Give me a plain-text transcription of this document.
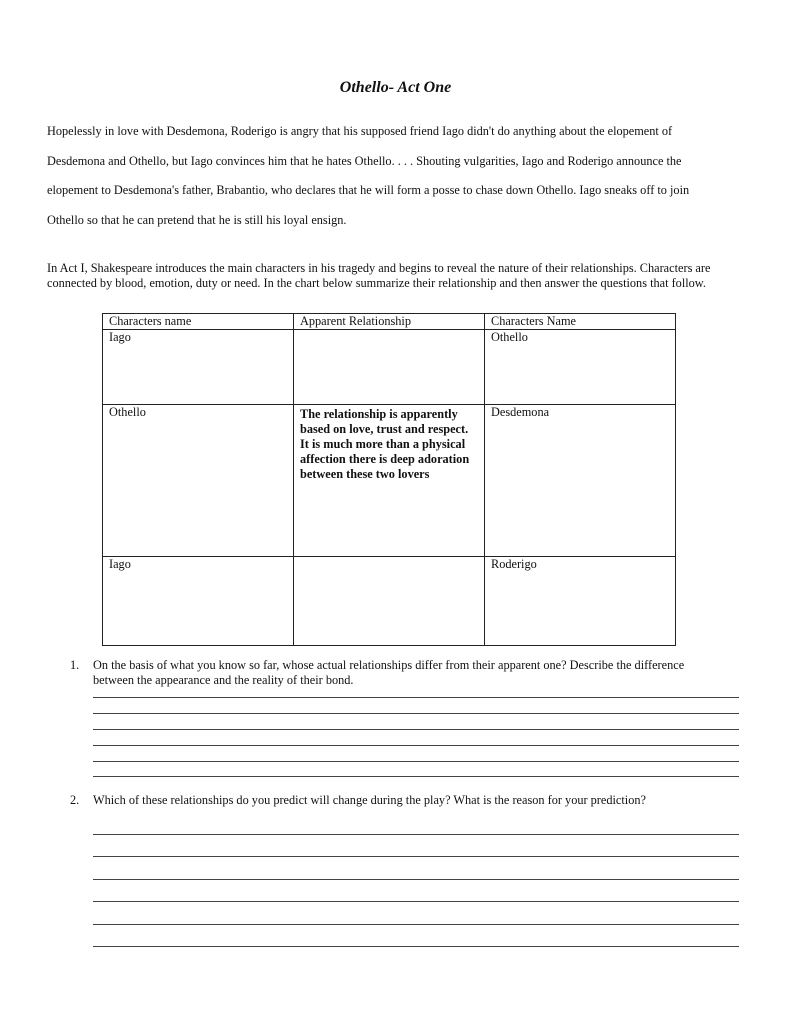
Othello- Act One
Hopelessly in love with Desdemona, Roderigo is angry that his supposed friend Iago didn't do anything about the elopement of
Desdemona and Othello, but Iago convinces him that he hates Othello. . . . Shouting vulgarities, Iago and Roderigo announce the
elopement to Desdemona's father, Brabantio, who declares that he will form a posse to chase down Othello. Iago sneaks off to join
Othello so that he can pretend that he is still his loyal ensign.
In Act I, Shakespeare introduces the main characters in his tragedy and begins to reveal the nature of their relationships. Characters are
connected by blood, emotion, duty or need. In the chart below summarize their relationship and then answer the questions that follow.
Characters name	Apparent Relationship	Characters Name
Iago		Othello
Othello	The relationship is apparently based on love, trust and respect. It is much more than a physical affection there is deep adoration between these two lovers	Desdemona
Iago		Roderigo
1.	On the basis of what you know so far, whose actual relationships differ from their apparent one? Describe the difference
between the appearance and the reality of their bond.
2.	Which of these relationships do you predict will change during the play? What is the reason for your prediction?
